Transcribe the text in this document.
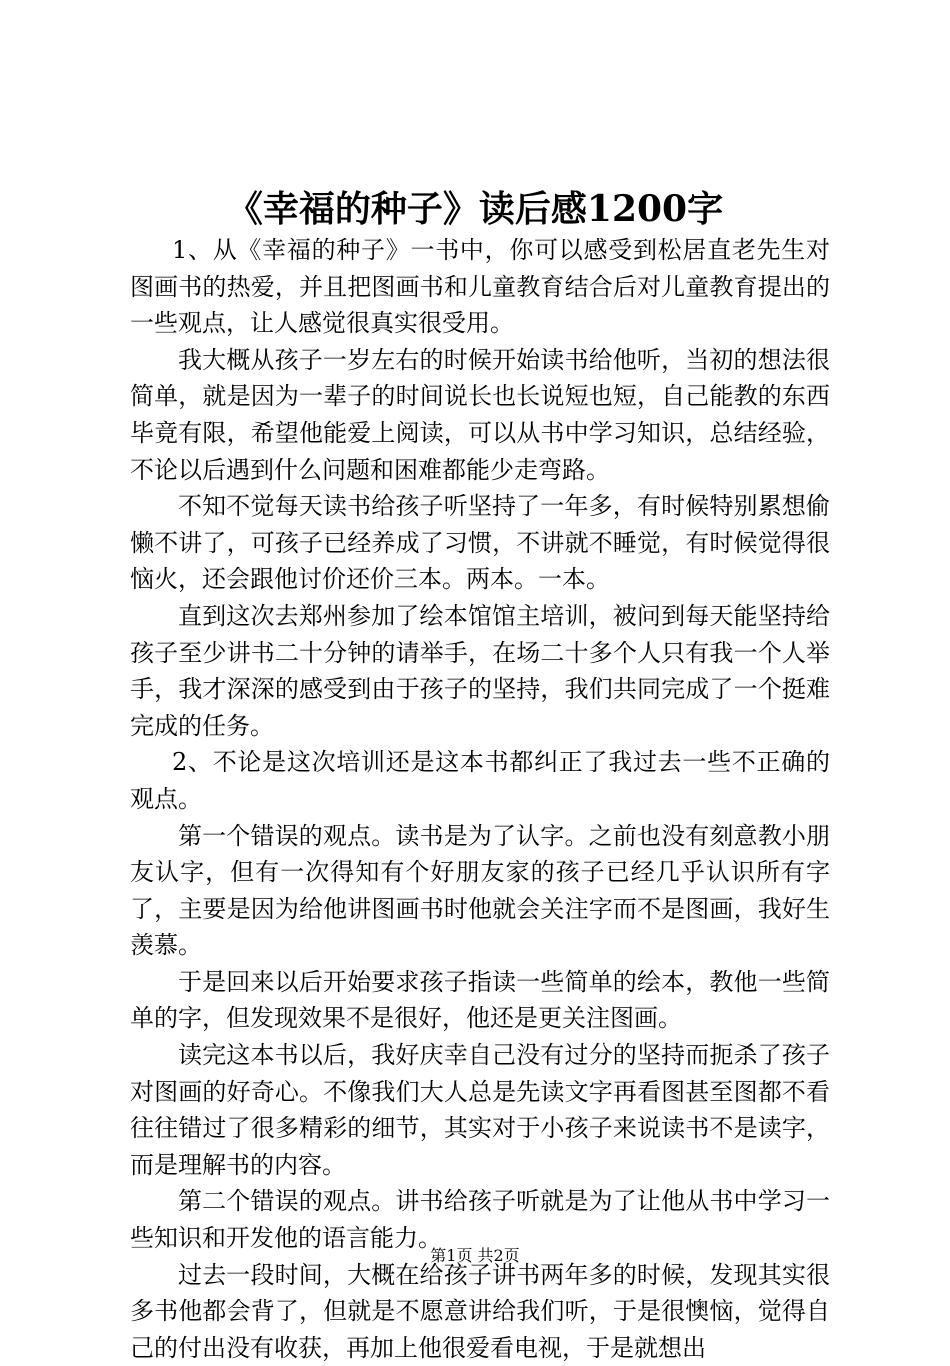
《幸福的种子》读后感1200字

1、从《幸福的种子》一书中，你可以感受到松居直老先生对图画书的热爱，并且把图画书和儿童教育结合后对儿童教育提出的一些观点，让人感觉很真实很受用。

我大概从孩子一岁左右的时候开始读书给他听，当初的想法很简单，就是因为一辈子的时间说长也长说短也短，自己能教的东西毕竟有限，希望他能爱上阅读，可以从书中学习知识，总结经验，不论以后遇到什么问题和困难都能少走弯路。

不知不觉每天读书给孩子听坚持了一年多，有时候特别累想偷懒不讲了，可孩子已经养成了习惯，不讲就不睡觉，有时候觉得很恼火，还会跟他讨价还价三本。两本。一本。

直到这次去郑州参加了绘本馆馆主培训，被问到每天能坚持给孩子至少讲书二十分钟的请举手，在场二十多个人只有我一个人举手，我才深深的感受到由于孩子的坚持，我们共同完成了一个挺难完成的任务。

2、不论是这次培训还是这本书都纠正了我过去一些不正确的观点。

第一个错误的观点。读书是为了认字。之前也没有刻意教小朋友认字，但有一次得知有个好朋友家的孩子已经几乎认识所有字了，主要是因为给他讲图画书时他就会关注字而不是图画，我好生羡慕。

于是回来以后开始要求孩子指读一些简单的绘本，教他一些简单的字，但发现效果不是很好，他还是更关注图画。

读完这本书以后，我好庆幸自己没有过分的坚持而扼杀了孩子对图画的好奇心。不像我们大人总是先读文字再看图甚至图都不看往往错过了很多精彩的细节，其实对于小孩子来说读书不是读字，而是理解书的内容。

第二个错误的观点。讲书给孩子听就是为了让他从书中学习一些知识和开发他的语言能力。

过去一段时间，大概在给孩子讲书两年多的时候，发现其实很多书他都会背了，但就是不愿意讲给我们听，于是很懊恼，觉得自己的付出没有收获，再加上他很爱看电视，于是就想出

第1页 共2页
